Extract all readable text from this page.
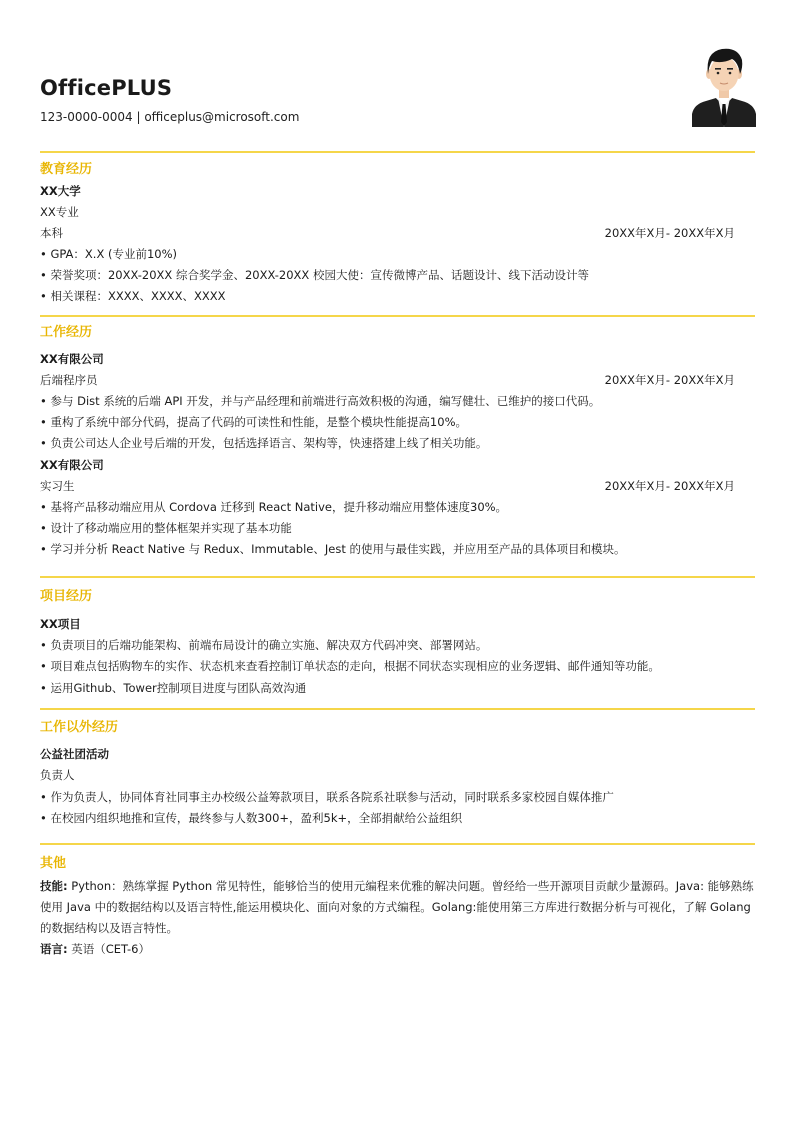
OfficePLUS
123-0000-0004 | officeplus@microsoft.com
教育经历
XX大学
XX专业
本科	20XX年X月- 20XX年X月
• GPA：X.X (专业前10%)
• 荣誉奖项：20XX-20XX 综合奖学金、20XX-20XX 校园大使：宣传微博产品、话题设计、线下活动设计等
• 相关课程：XXXX、XXXX、XXXX
工作经历
XX有限公司
后端程序员	20XX年X月- 20XX年X月
• 参与 Dist 系统的后端 API 开发，并与产品经理和前端进行高效积极的沟通，编写健壮、已维护的接口代码。
• 重构了系统中部分代码，提高了代码的可读性和性能，是整个模块性能提高10%。
• 负责公司达人企业号后端的开发，包括选择语言、架构等，快速搭建上线了相关功能。
XX有限公司
实习生	20XX年X月- 20XX年X月
• 基将产品移动端应用从 Cordova 迁移到 React Native，提升移动端应用整体速度30%。
• 设计了移动端应用的整体框架并实现了基本功能
• 学习并分析 React Native 与 Redux、Immutable、Jest 的使用与最佳实践，并应用至产品的具体项目和模块。
项目经历
XX项目
• 负责项目的后端功能架构、前端布局设计的确立实施、解决双方代码冲突、部署网站。
• 项目难点包括购物车的实作、状态机来查看控制订单状态的走向，根据不同状态实现相应的业务逻辑、邮件通知等功能。
• 运用Github、Tower控制项目进度与团队高效沟通
工作以外经历
公益社团活动
负责人
• 作为负责人，协同体育社同事主办校级公益筹款项目，联系各院系社联参与活动，同时联系多家校园自媒体推广
• 在校园内组织地推和宣传，最终参与人数300+，盈利5k+，全部捐献给公益组织
其他
技能: Python：熟练掌握 Python 常见特性，能够恰当的使用元编程来优雅的解决问题。曾经给一些开源项目贡献少量源码。Java: 能够熟练使用 Java 中的数据结构以及语言特性,能运用模块化、面向对象的方式编程。Golang:能使用第三方库进行数据分析与可视化，了解 Golang 的数据结构以及语言特性。
语言: 英语（CET-6）
